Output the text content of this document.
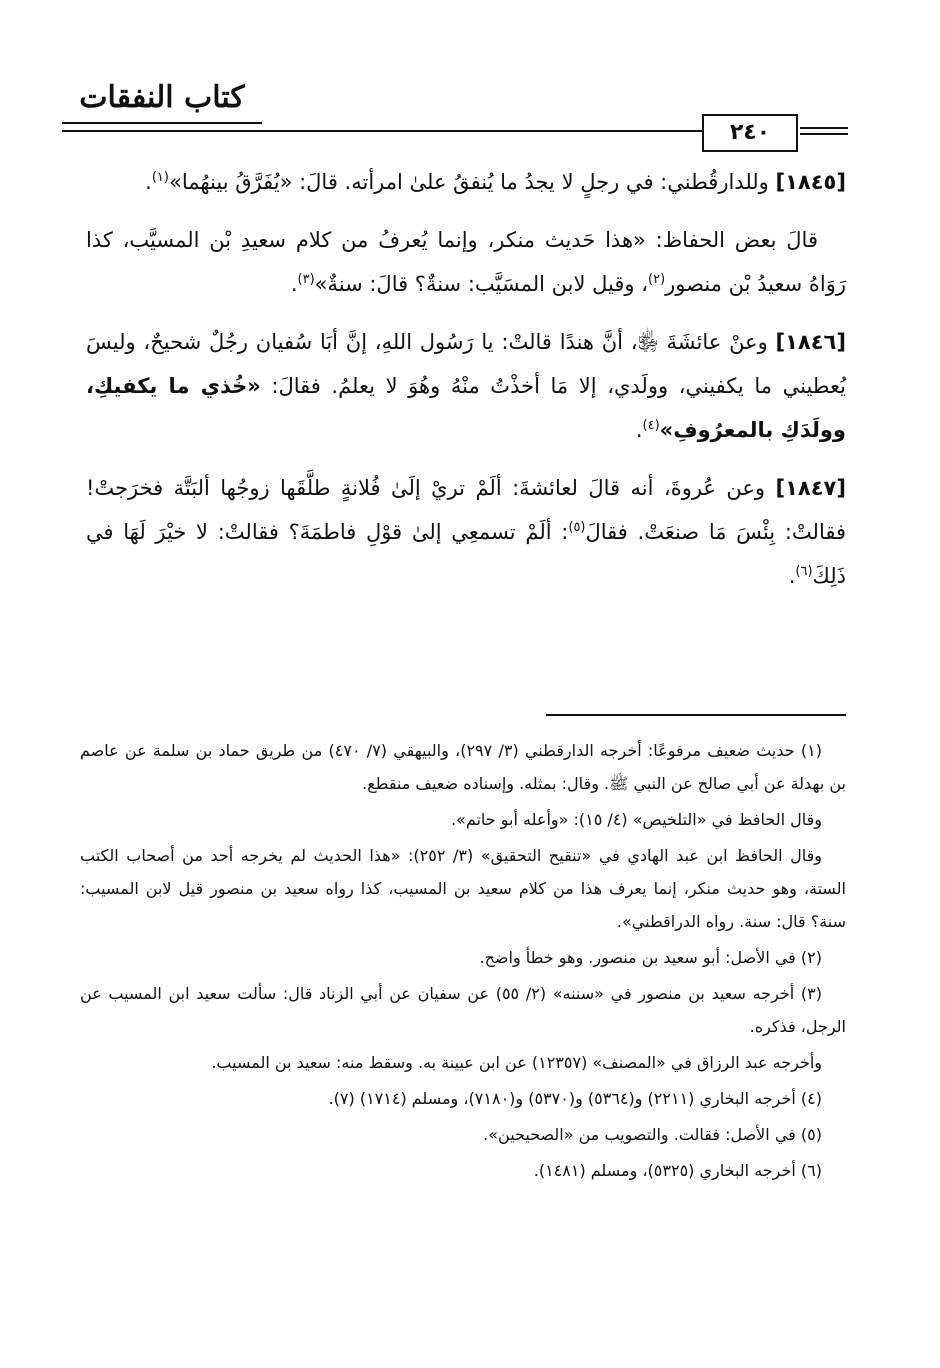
كتاب النفقات
٢٤٠

[١٨٤٥] وللدارقُطني: في رجلٍ لا يجدُ ما يُنفقُ علىٰ امرأته. قالَ: «يُفَرَّقُ بينهُما»$^{(١)}$.

قالَ بعض الحفاظ: «هذا حَديث منكر، وإنما يُعرفُ من كلام سعيدِ بْن المسيَّب، كذا رَوَاهُ سعيدُ بْن منصور$^{(٢)}$، وقيل لابن المسَيَّب: سنةٌ؟ قالَ: سنةٌ»$^{(٣)}$.

[١٨٤٦] وعنْ عائشَةَ ﵂، أنَّ هندًا قالتْ: يا رَسُول اللهِ، إنَّ أبَا سُفيان رجُلٌ شحيحٌ، وليسَ يُعطيني ما يكفيني، وولَدي، إلا مَا أخذْتُ منْهُ وهُوَ لا يعلمُ. فقالَ: «خُذي ما يكفيكِ، وولَدَكِ بالمعرُوفِ»$^{(٤)}$.

[١٨٤٧] وعن عُروةَ، أنه قالَ لعائشةَ: ألَمْ تريْ إلَىٰ فُلانةٍ طلَّقَها زوجُها ألبَتَّة فخرَجتْ! فقالتْ: بِئْسَ مَا صنعَتْ. فقالَ$^{(٥)}$: ألَمْ تسمعِي إلىٰ قوْلِ فاطمَةَ؟ فقالتْ: لا خيْرَ لَهَا في ذَلِكَ$^{(٦)}$.

(١) حديث ضعيف مرفوعًا: أخرجه الدارقطني (٣/ ٢٩٧)، والبيهقي (٧/ ٤٧٠) من طريق حماد بن سلمة عن عاصم بن بهدلة عن أبي صالح عن النبي ﷺ. وقال: بمثله. وإسناده ضعيف منقطع.

وقال الحافظ في «التلخيص» (٤/ ١٥): «وأعله أبو حاتم».

وقال الحافظ ابن عبد الهادي في «تنقيح التحقيق» (٣/ ٢٥٢): «هذا الحديث لم يخرجه أحد من أصحاب الكتب الستة، وهو حديث منكر، إنما يعرف هذا من كلام سعيد بن المسيب، كذا رواه سعيد بن منصور قيل لابن المسيب: سنة؟ قال: سنة. رواه الدراقطني».

(٢) في الأصل: أبو سعيد بن منصور. وهو خطأ واضح.

(٣) أخرجه سعيد بن منصور في «سننه» (٢/ ٥٥) عن سفيان عن أبي الزناد قال: سألت سعيد ابن المسيب عن الرجل، فذكره.

وأخرجه عبد الرزاق في «المصنف» (١٢٣٥٧) عن ابن عيينة به. وسقط منه: سعيد بن المسيب.

(٤) أخرجه البخاري (٢٢١١) و(٥٣٦٤) و(٥٣٧٠) و(٧١٨٠)، ومسلم (١٧١٤) (٧).

(٥) في الأصل: فقالت. والتصويب من «الصحيحين».

(٦) أخرجه البخاري (٥٣٢٥)، ومسلم (١٤٨١).
